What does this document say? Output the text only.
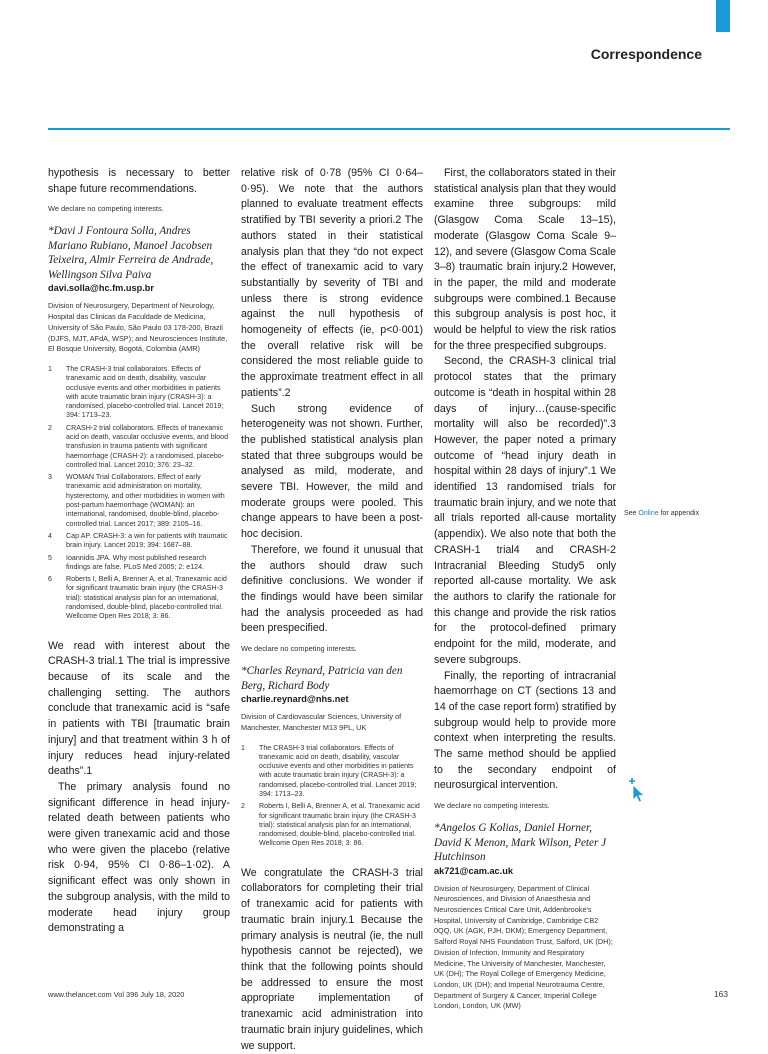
Correspondence

hypothesis is necessary to better shape future recommendations.

We declare no competing interests.

*Davi J Fontoura Solla, Andres Mariano Rubiano, Manoel Jacobsen Teixeira, Almir Ferreira de Andrade, Wellingson Silva Paiva

davi.solla@hc.fm.usp.br

Division of Neurosurgery, Department of Neurology, Hospital das Clinicas da Faculdade de Medicina, University of São Paulo, São Paulo 03 178-200, Brazil (DJFS, MJT, AFdA, WSP); and Neurosciences Institute, El Bosque University, Bogotá, Colombia (AMR)

1	The CRASH-3 trial collaborators. Effects of tranexamic acid on death, disability, vascular occlusive events and other morbidities in patients with acute traumatic brain injury (CRASH-3): a randomised, placebo-controlled trial. Lancet 2019; 394: 1713–23.
2	CRASH-2 trial collaborators. Effects of tranexamic acid on death, vascular occlusive events, and blood transfusion in trauma patients with significant haemorrhage (CRASH-2): a randomised, placebo-controlled trial. Lancet 2010; 376: 23–32.
3	WOMAN Trial Collaborators. Effect of early tranexamic acid administration on mortality, hysterectomy, and other morbidities in women with post-partum haemorrhage (WOMAN): an international, randomised, double-blind, placebo-controlled trial. Lancet 2017; 389: 2105–16.
4	Cap AP. CRASH-3: a win for patients with traumatic brain injury. Lancet 2019; 394: 1687–88.
5	Ioannidis JPA. Why most published research findings are false. PLoS Med 2005; 2: e124.
6	Roberts I, Belli A, Brenner A, et al. Tranexamic acid for significant traumatic brain injury (the CRASH-3 trial): statistical analysis plan for an international, randomised, double-blind, placebo-controlled trial. Wellcome Open Res 2018; 3: 86.

We read with interest about the CRASH-3 trial.1 The trial is impressive because of its scale and the challenging setting. The authors conclude that tranexamic acid is “safe in patients with TBI [traumatic brain injury] and that treatment within 3 h of injury reduces head injury-related deaths”.1

The primary analysis found no significant difference in head injury-related death between patients who were given tranexamic acid and those who were given the placebo (relative risk 0·94, 95% CI 0·86–1·02). A significant effect was only shown in the subgroup analysis, with the mild to moderate head injury group demonstrating a

relative risk of 0·78 (95% CI 0·64–0·95). We note that the authors planned to evaluate treatment effects stratified by TBI severity a priori.2 The authors stated in their statistical analysis plan that they “do not expect the effect of tranexamic acid to vary substantially by severity of TBI and unless there is strong evidence against the null hypothesis of homogeneity of effects (ie, p<0·001) the overall relative risk will be considered the most reliable guide to the approximate treatment effect in all patients”.2

Such strong evidence of heterogeneity was not shown. Further, the published statistical analysis plan stated that three subgroups would be analysed as mild, moderate, and severe TBI. However, the mild and moderate groups were pooled. This change appears to have been a post-hoc decision.

Therefore, we found it unusual that the authors should draw such definitive conclusions. We wonder if the findings would have been similar had the analysis proceeded as had been prespecified.

We declare no competing interests.

*Charles Reynard, Patricia van den Berg, Richard Body

charlie.reynard@nhs.net

Division of Cardiovascular Sciences, University of Manchester, Manchester M13 9PL, UK

1	The CRASH-3 trial collaborators. Effects of tranexamic acid on death, disability, vascular occlusive events and other morbidities in patients with acute traumatic brain injury (CRASH-3): a randomised, placebo-controlled trial. Lancet 2019; 394: 1713–23.
2	Roberts I, Belli A, Brenner A, et al. Tranexamic acid for significant traumatic brain injury (the CRASH-3 trial): statistical analysis plan for an international, randomised, double-blind, placebo-controlled trial. Wellcome Open Res 2018; 3: 86.

We congratulate the CRASH-3 trial collaborators for completing their trial of tranexamic acid for patients with traumatic brain injury.1 Because the primary analysis is neutral (ie, the null hypothesis cannot be rejected), we think that the following points should be addressed to ensure the most appropriate implementation of tranexamic acid administration into traumatic brain injury guidelines, which we support.

First, the collaborators stated in their statistical analysis plan that they would examine three subgroups: mild (Glasgow Coma Scale 13–15), moderate (Glasgow Coma Scale 9–12), and severe (Glasgow Coma Scale 3–8) traumatic brain injury.2 However, in the paper, the mild and moderate subgroups were combined.1 Because this subgroup analysis is post hoc, it would be helpful to view the risk ratios for the three prespecified subgroups.

Second, the CRASH-3 clinical trial protocol states that the primary outcome is “death in hospital within 28 days of injury…(cause-specific mortality will also be recorded)”.3 However, the paper noted a primary outcome of “head injury death in hospital within 28 days of injury”.1 We identified 13 randomised trials for traumatic brain injury, and we note that all trials reported all-cause mortality (appendix). We also note that both the CRASH-1 trial4 and CRASH-2 Intracranial Bleeding Study5 only reported all-cause mortality. We ask the authors to clarify the rationale for this change and provide the risk ratios for the protocol-defined primary endpoint for the mild, moderate, and severe subgroups.

Finally, the reporting of intracranial haemorrhage on CT (sections 13 and 14 of the case report form) stratified by subgroup would help to provide more context when interpreting the results. The same method should be applied to the secondary endpoint of neurosurgical intervention.

We declare no competing interests.

*Angelos G Kolias, Daniel Horner, David K Menon, Mark Wilson, Peter J Hutchinson

ak721@cam.ac.uk

Division of Neurosurgery, Department of Clinical Neurosciences, and Division of Anaesthesia and Neurosciences Critical Care Unit, Addenbrooke's Hospital, University of Cambridge, Cambridge CB2 0QQ, UK (AGK, PJH, DKM); Emergency Department, Salford Royal NHS Foundation Trust, Salford, UK (DH); Division of Infection, Immunity and Respiratory Medicine, The University of Manchester, Manchester, UK (DH); The Royal College of Emergency Medicine, London, UK (DH); and Imperial Neurotrauma Centre, Department of Surgery & Cancer, Imperial College London, London, UK (MW)

See Online for appendix
www.thelancet.com Vol 396 July 18, 2020	163
